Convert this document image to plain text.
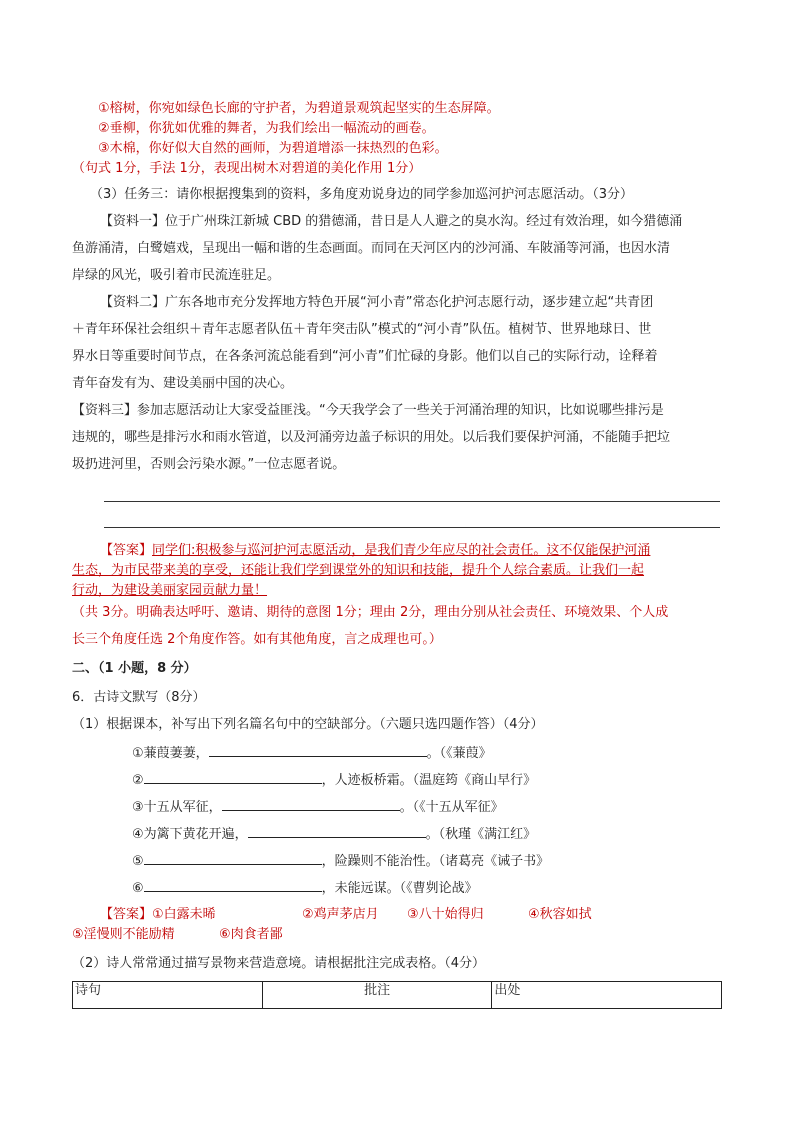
①榕树，你宛如绿色长廊的守护者，为碧道景观筑起坚实的生态屏障。
②垂柳，你犹如优雅的舞者，为我们绘出一幅流动的画卷。
③木棉，你好似大自然的画师，为碧道增添一抹热烈的色彩。
（句式 1分，手法 1分，表现出树木对碧道的美化作用 1分）
（3）任务三：请你根据搜集到的资料，多角度劝说身边的同学参加巡河护河志愿活动。（3分）
【资料一】位于广州珠江新城 CBD 的猎德涌，昔日是人人避之的臭水沟。经过有效治理，如今猎德涌
鱼游涌清，白鹭嬉戏，呈现出一幅和谐的生态画面。而同在天河区内的沙河涌、车陂涌等河涌，也因水清
岸绿的风光，吸引着市民流连驻足。
【资料二】广东各地市充分发挥地方特色开展“河小青”常态化护河志愿行动，逐步建立起“共青团
＋青年环保社会组织＋青年志愿者队伍＋青年突击队”模式的“河小青”队伍。植树节、世界地球日、世
界水日等重要时间节点，在各条河流总能看到“河小青”们忙碌的身影。他们以自己的实际行动，诠释着
青年奋发有为、建设美丽中国的决心。
【资料三】参加志愿活动让大家受益匪浅。“今天我学会了一些关于河涌治理的知识，比如说哪些排污是
违规的，哪些是排污水和雨水管道，以及河涌旁边盖子标识的用处。以后我们要保护河涌，不能随手把垃
圾扔进河里，否则会污染水源。”一位志愿者说。
【答案】同学们:积极参与巡河护河志愿活动，是我们青少年应尽的社会责任。这不仅能保护河涌
生态，为市民带来美的享受，还能让我们学到课堂外的知识和技能，提升个人综合素质。让我们一起
行动，为建设美丽家园贡献力量！
（共 3分。明确表达呼吁、邀请、期待的意图 1分；理由 2分，理由分别从社会责任、环境效果、个人成
长三个角度任选 2个角度作答。如有其他角度，言之成理也可。）
二、（1 小题，8 分）
6．古诗文默写（8分）
（1）根据课本，补写出下列名篇名句中的空缺部分。（六题只选四题作答）（4分）
①蒹葭萋萋，	。（《蒹葭》
②	，人迹板桥霜。（温庭筠《商山早行》
③十五从军征，	。（《十五从军征》
④为篱下黄花开遍，	。（秋瑾《满江红》
⑤	，险躁则不能治性。（诸葛亮《诫子书》
⑥	，未能远谋。（《曹刿论战》
【答案】 ①白露未晞	②鸡声茅店月 ③八十始得归	④秋容如拭
⑤淫慢则不能励精	⑥肉食者鄙
（2）诗人常常通过描写景物来营造意境。请根据批注完成表格。（4分）
诗句	批注	出处
